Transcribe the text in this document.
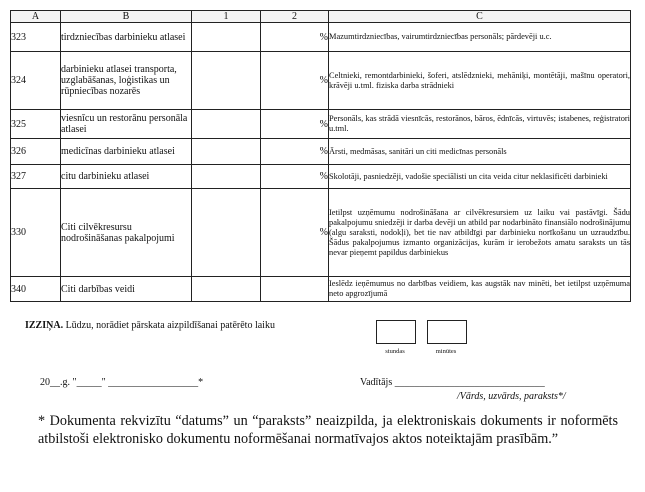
A	B	1	2	C
323	tirdzniecības darbinieku atlasei		%	Mazumtirdzniecības, vairumtirdzniecības personāls; pārdevēji u.c.
324	darbinieku atlasei transporta, uzglabāšanas, loģistikas un rūpniecības nozarēs		%	Celtnieki, remontdarbinieki, šoferi, atslēdznieki, mehāniķi, montētāji, mašīnu operatori, krāvēji u.tml. fiziska darba strādnieki
325	viesnīcu un restorānu personāla atlasei		%	Personāls, kas strādā viesnīcās, restorānos, bāros, ēdnīcās, virtuvēs; istabenes, reģistratori u.tml.
326	medicīnas darbinieku atlasei		%	Ārsti, medmāsas, sanitāri un citi medicīnas personāls
327	citu darbinieku atlasei		%	Skolotāji, pasniedzēji, vadošie speciālisti un cita veida citur neklasificēti darbinieki
330	Citi cilvēkresursu nodrošināšanas pakalpojumi		%	Ietilpst uzņēmumu nodrošināšana ar cilvēkresursiem uz laiku vai pastāvīgi. Šādu pakalpojumu sniedzēji ir darba devēji un atbild par nodarbināto finansiālo nodrošinājumu (algu saraksti, nodokļi), bet tie nav atbildīgi par darbinieku norīkošanu un uzraudzību. Šādus pakalpojumus izmanto organizācijas, kurām ir ierobežots amatu saraksts un tās nevar pieņemt papildus darbiniekus
340	Citi darbības veidi			Ieslēdz ieņēmumus no darbības veidiem, kas augstāk nav minēti, bet ietilpst uzņēmuma neto apgrozījumā
IZZIŅA. Lūdzu, norādiet pārskata aizpildīšanai patērēto laiku
stundas	minūtes
20__.g. "_____" __________________*	Vadītājs ______________________________
/Vārds, uzvārds, paraksts*/
* Dokumenta rekvizītu “datums” un “paraksts” neaizpilda, ja elektroniskais dokuments ir noformēts atbilstoši elektronisko dokumentu noformēšanai normatīvajos aktos noteiktajām prasībām.”
